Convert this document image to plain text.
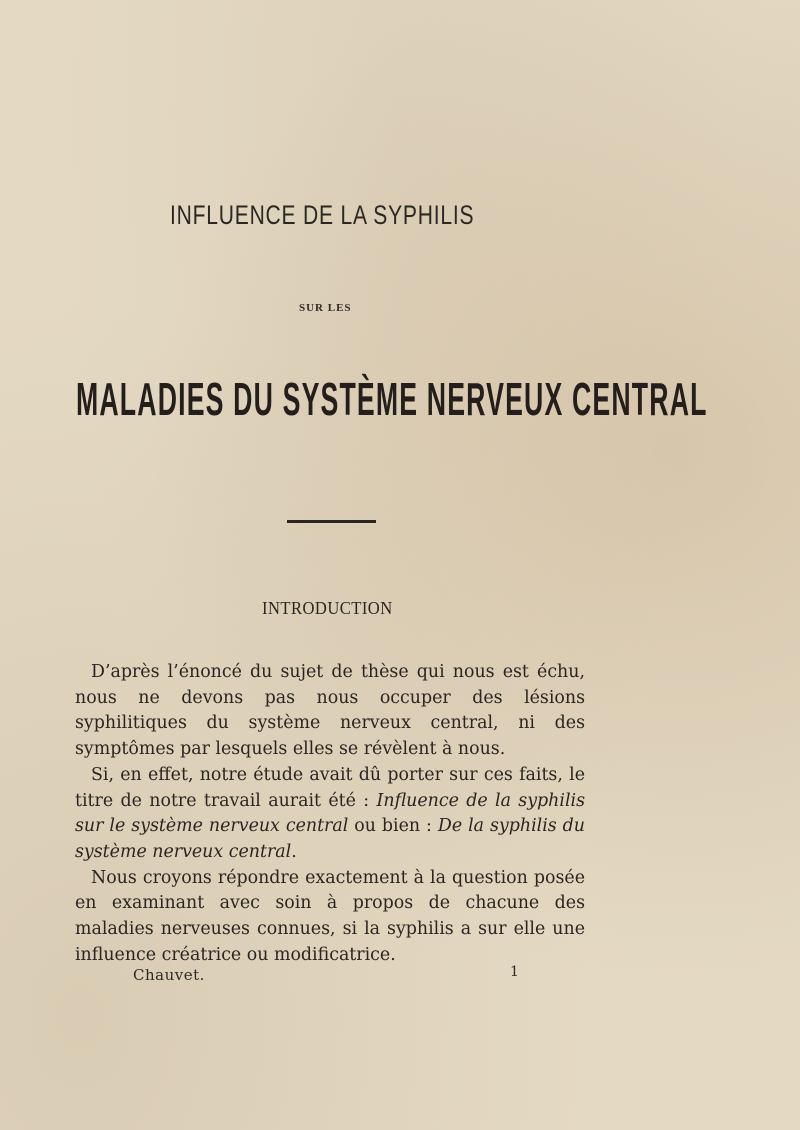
INFLUENCE DE LA SYPHILIS
SUR LES
MALADIES DU SYSTÈME NERVEUX CENTRAL
INTRODUCTION

D’après l’énoncé du sujet de thèse qui nous est échu, nous ne devons pas nous occuper des lésions syphilitiques du système nerveux central, ni des symptômes par lesquels elles se révèlent à nous.

Si, en effet, notre étude avait dû porter sur ces faits, le titre de notre travail aurait été : Influence de la syphilis sur le système nerveux central ou bien : De la syphilis du système nerveux central.

Nous croyons répondre exactement à la question posée en examinant avec soin à propos de chacune des maladies nerveuses connues, si la syphilis a sur elle une influence créatrice ou modificatrice.

Chauvet.	1
